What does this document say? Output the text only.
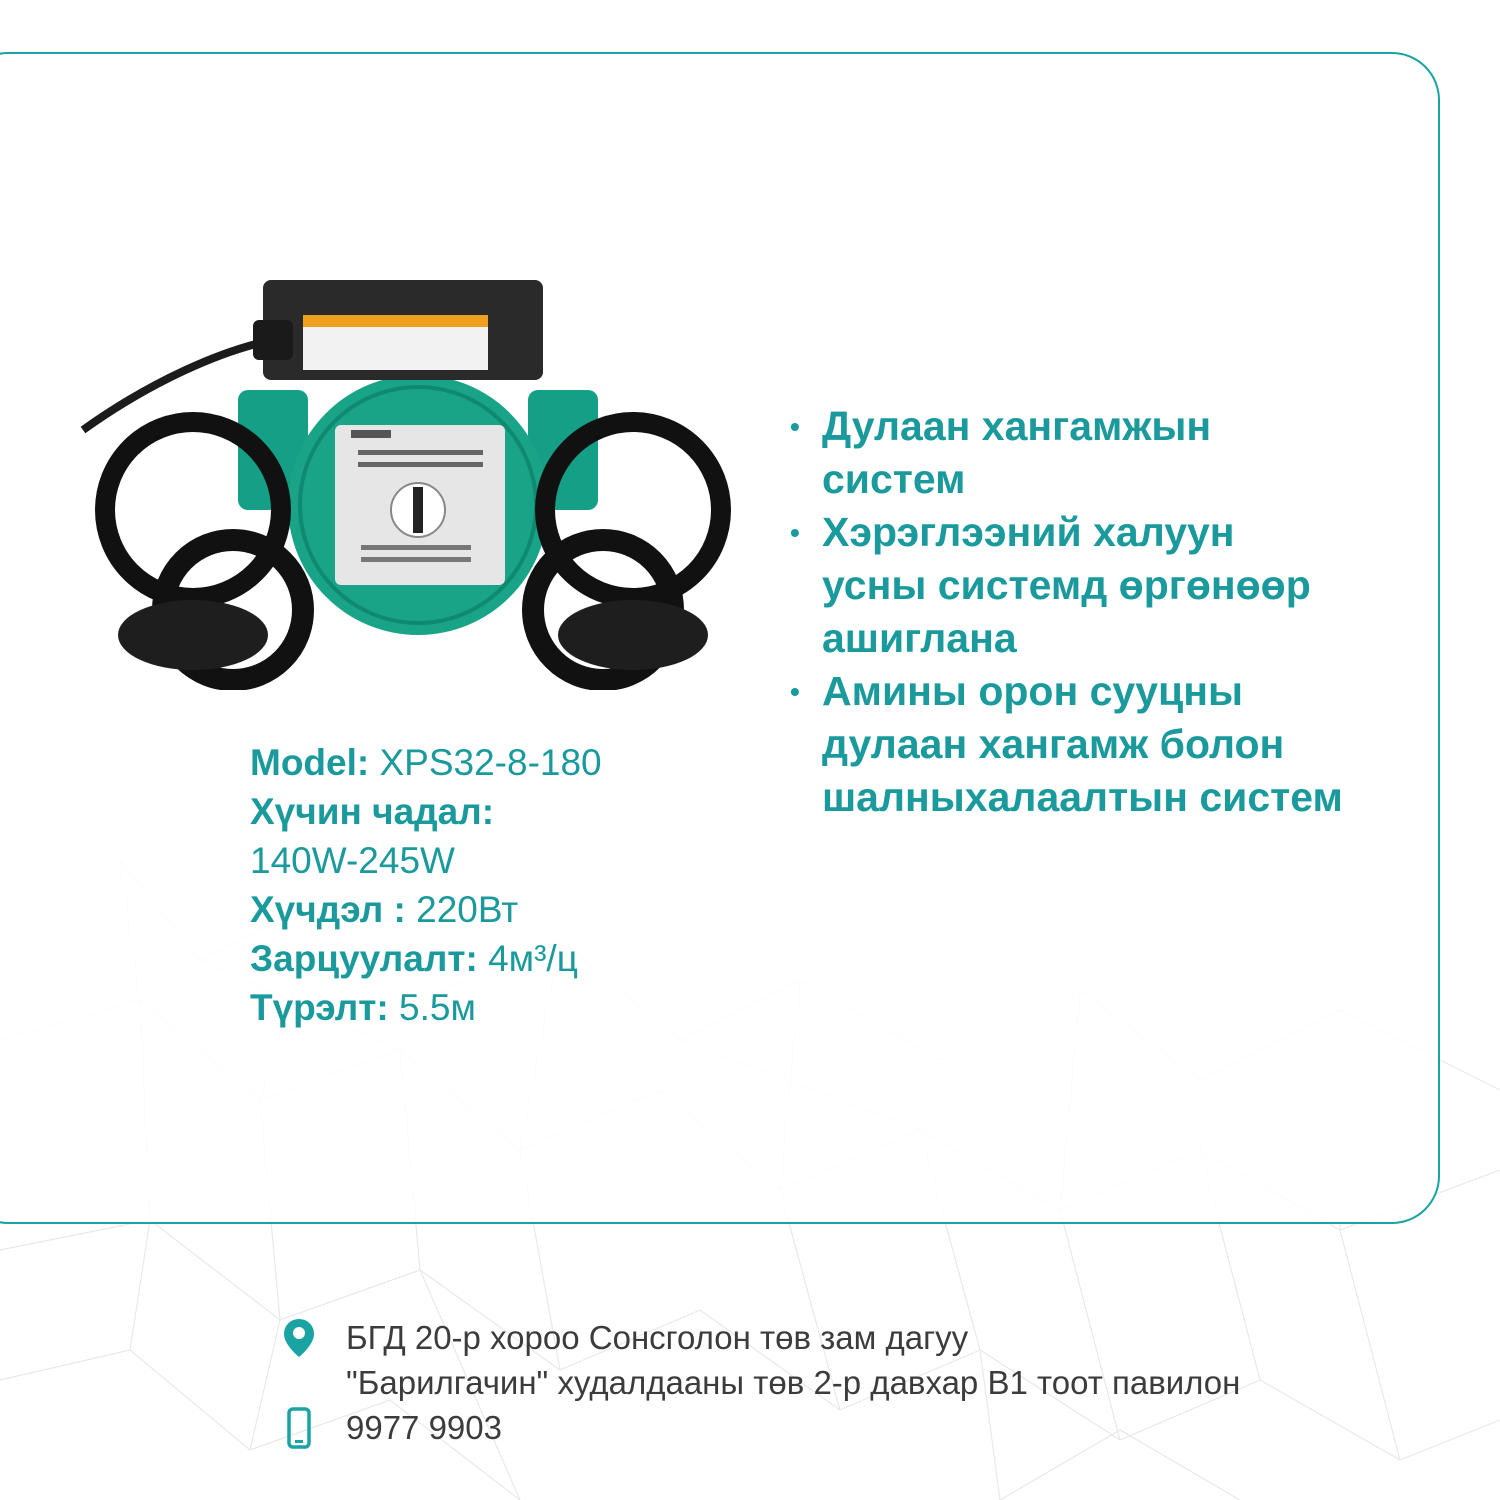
Model: XPS32-8-180
Хүчин чадал:
140W-245W
Хүчдэл : 220Вт
Зарцуулалт: 4м³/ц
Түрэлт: 5.5м
• Дулаан хангамжын
систем
• Хэрэглээний халуун
усны системд өргөнөөр
ашиглана
• Амины орон сууцны
дулаан хангамж болон
шалныхалаалтын систем
БГД 20-р хороо Сонсголон төв зам дагуу
"Барилгачин" худалдааны төв 2-р давхар B1 тоот павилон
9977 9903
